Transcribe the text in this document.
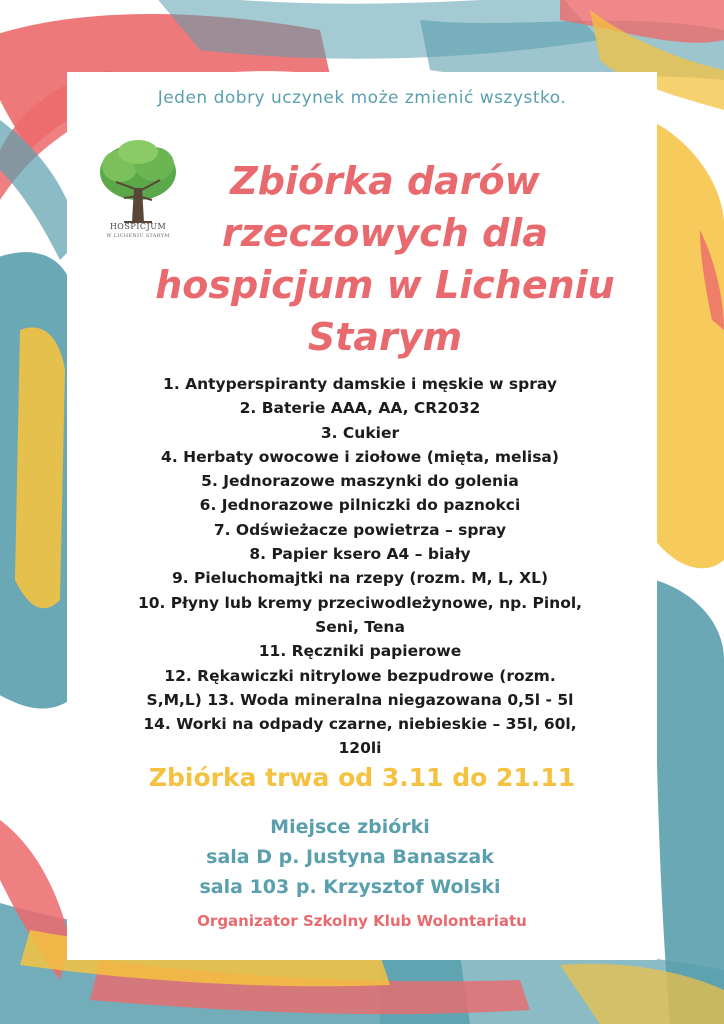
Jeden dobry uczynek może zmienić wszystko.
HOSPICJUM
W LICHENIU STARYM
Zbiórka darów
rzeczowych dla
hospicjum w Licheniu
Starym
1. Antyperspiranty damskie i męskie w spray
2. Baterie AAA, AA, CR2032
3. Cukier
4. Herbaty owocowe i ziołowe (mięta, melisa)
5. Jednorazowe maszynki do golenia
6. Jednorazowe pilniczki do paznokci
7. Odświeżacze powietrza – spray
8. Papier ksero A4 – biały
9. Pieluchomajtki na rzepy (rozm. M, L, XL)
10. Płyny lub kremy przeciwodleżynowe, np. Pinol,
Seni, Tena
11. Ręczniki papierowe
12. Rękawiczki nitrylowe bezpudrowe (rozm.
S,M,L) 13. Woda mineralna niegazowana 0,5l - 5l
14. Worki na odpady czarne, niebieskie – 35l, 60l,
120li
Zbiórka trwa od 3.11 do 21.11
Miejsce zbiórki
sala D p. Justyna Banaszak
sala 103 p. Krzysztof Wolski
Organizator Szkolny Klub Wolontariatu
